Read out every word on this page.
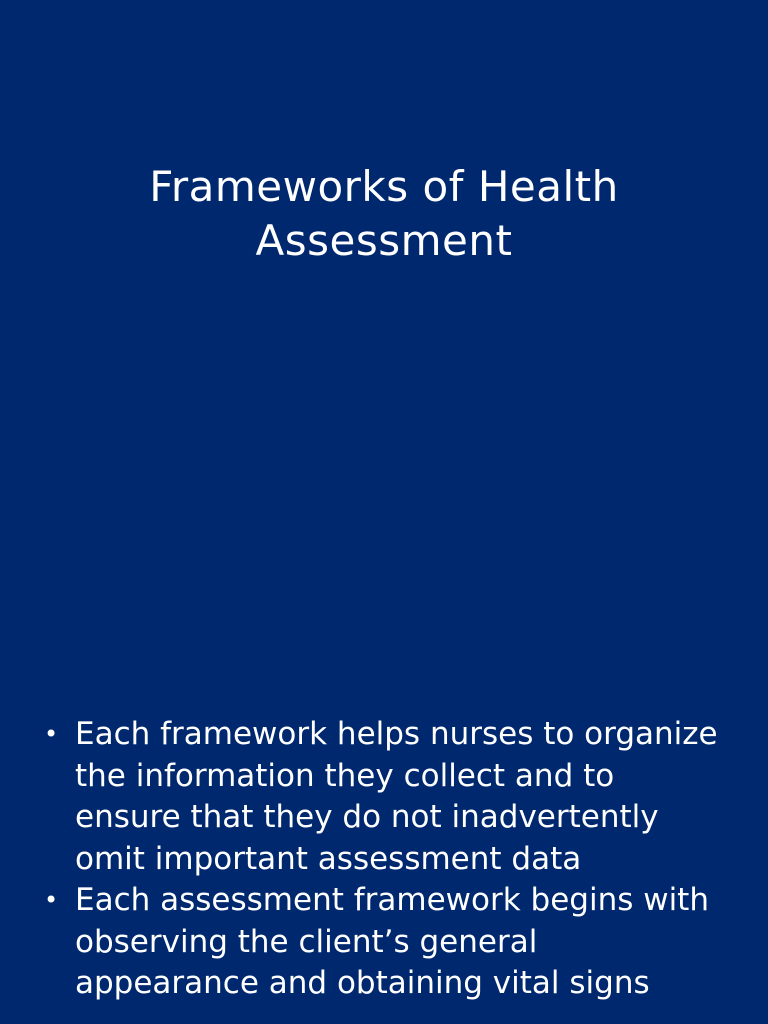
Frameworks of Health
Assessment
• Each framework helps nurses to organize the information they collect and to ensure that they do not inadvertently omit important assessment data
• Each assessment framework begins with observing the client’s general appearance and obtaining vital signs
